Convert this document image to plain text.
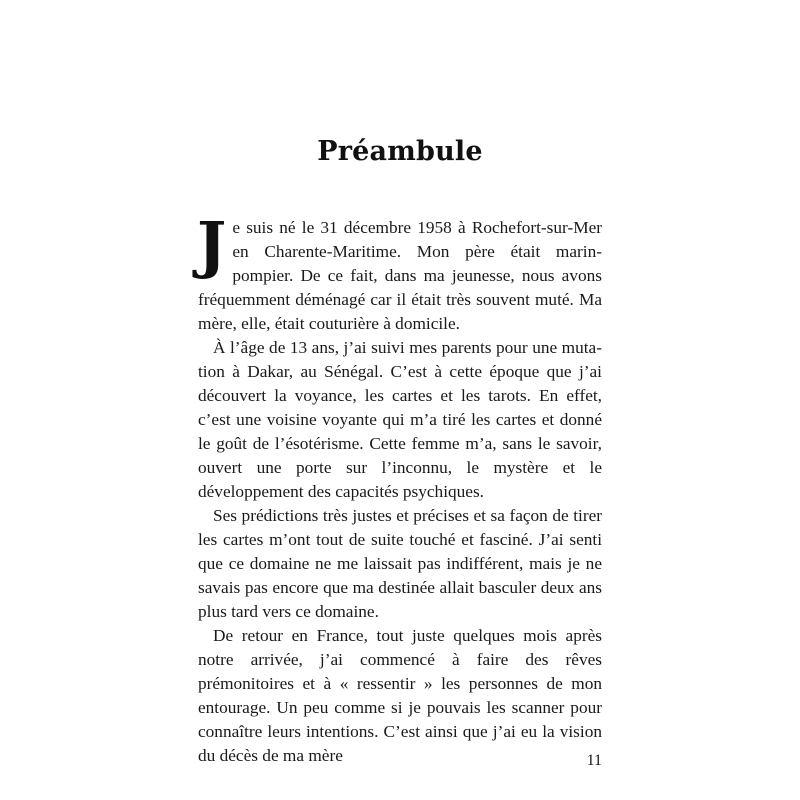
Préambule

Je suis né le 31 décembre 1958 à Rochefort-sur-Mer en Charente-Maritime. Mon père était marin-pompier. De ce fait, dans ma jeunesse, nous avons fréquemment déménagé car il était très souvent muté. Ma mère, elle, était couturière à domicile.

À l’âge de 13 ans, j’ai suivi mes parents pour une mutation à Dakar, au Sénégal. C’est à cette époque que j’ai découvert la voyance, les cartes et les tarots. En effet, c’est une voisine voyante qui m’a tiré les cartes et donné le goût de l’ésotérisme. Cette femme m’a, sans le savoir, ouvert une porte sur l’inconnu, le mystère et le développement des capacités psychiques.

Ses prédictions très justes et précises et sa façon de tirer les cartes m’ont tout de suite touché et fasciné. J’ai senti que ce domaine ne me laissait pas indifférent, mais je ne savais pas encore que ma destinée allait basculer deux ans plus tard vers ce domaine.

De retour en France, tout juste quelques mois après notre arrivée, j’ai commencé à faire des rêves prémonitoires et à « ressentir » les personnes de mon entourage. Un peu comme si je pouvais les scanner pour connaître leurs intentions. C’est ainsi que j’ai eu la vision du décès de ma mère	11
